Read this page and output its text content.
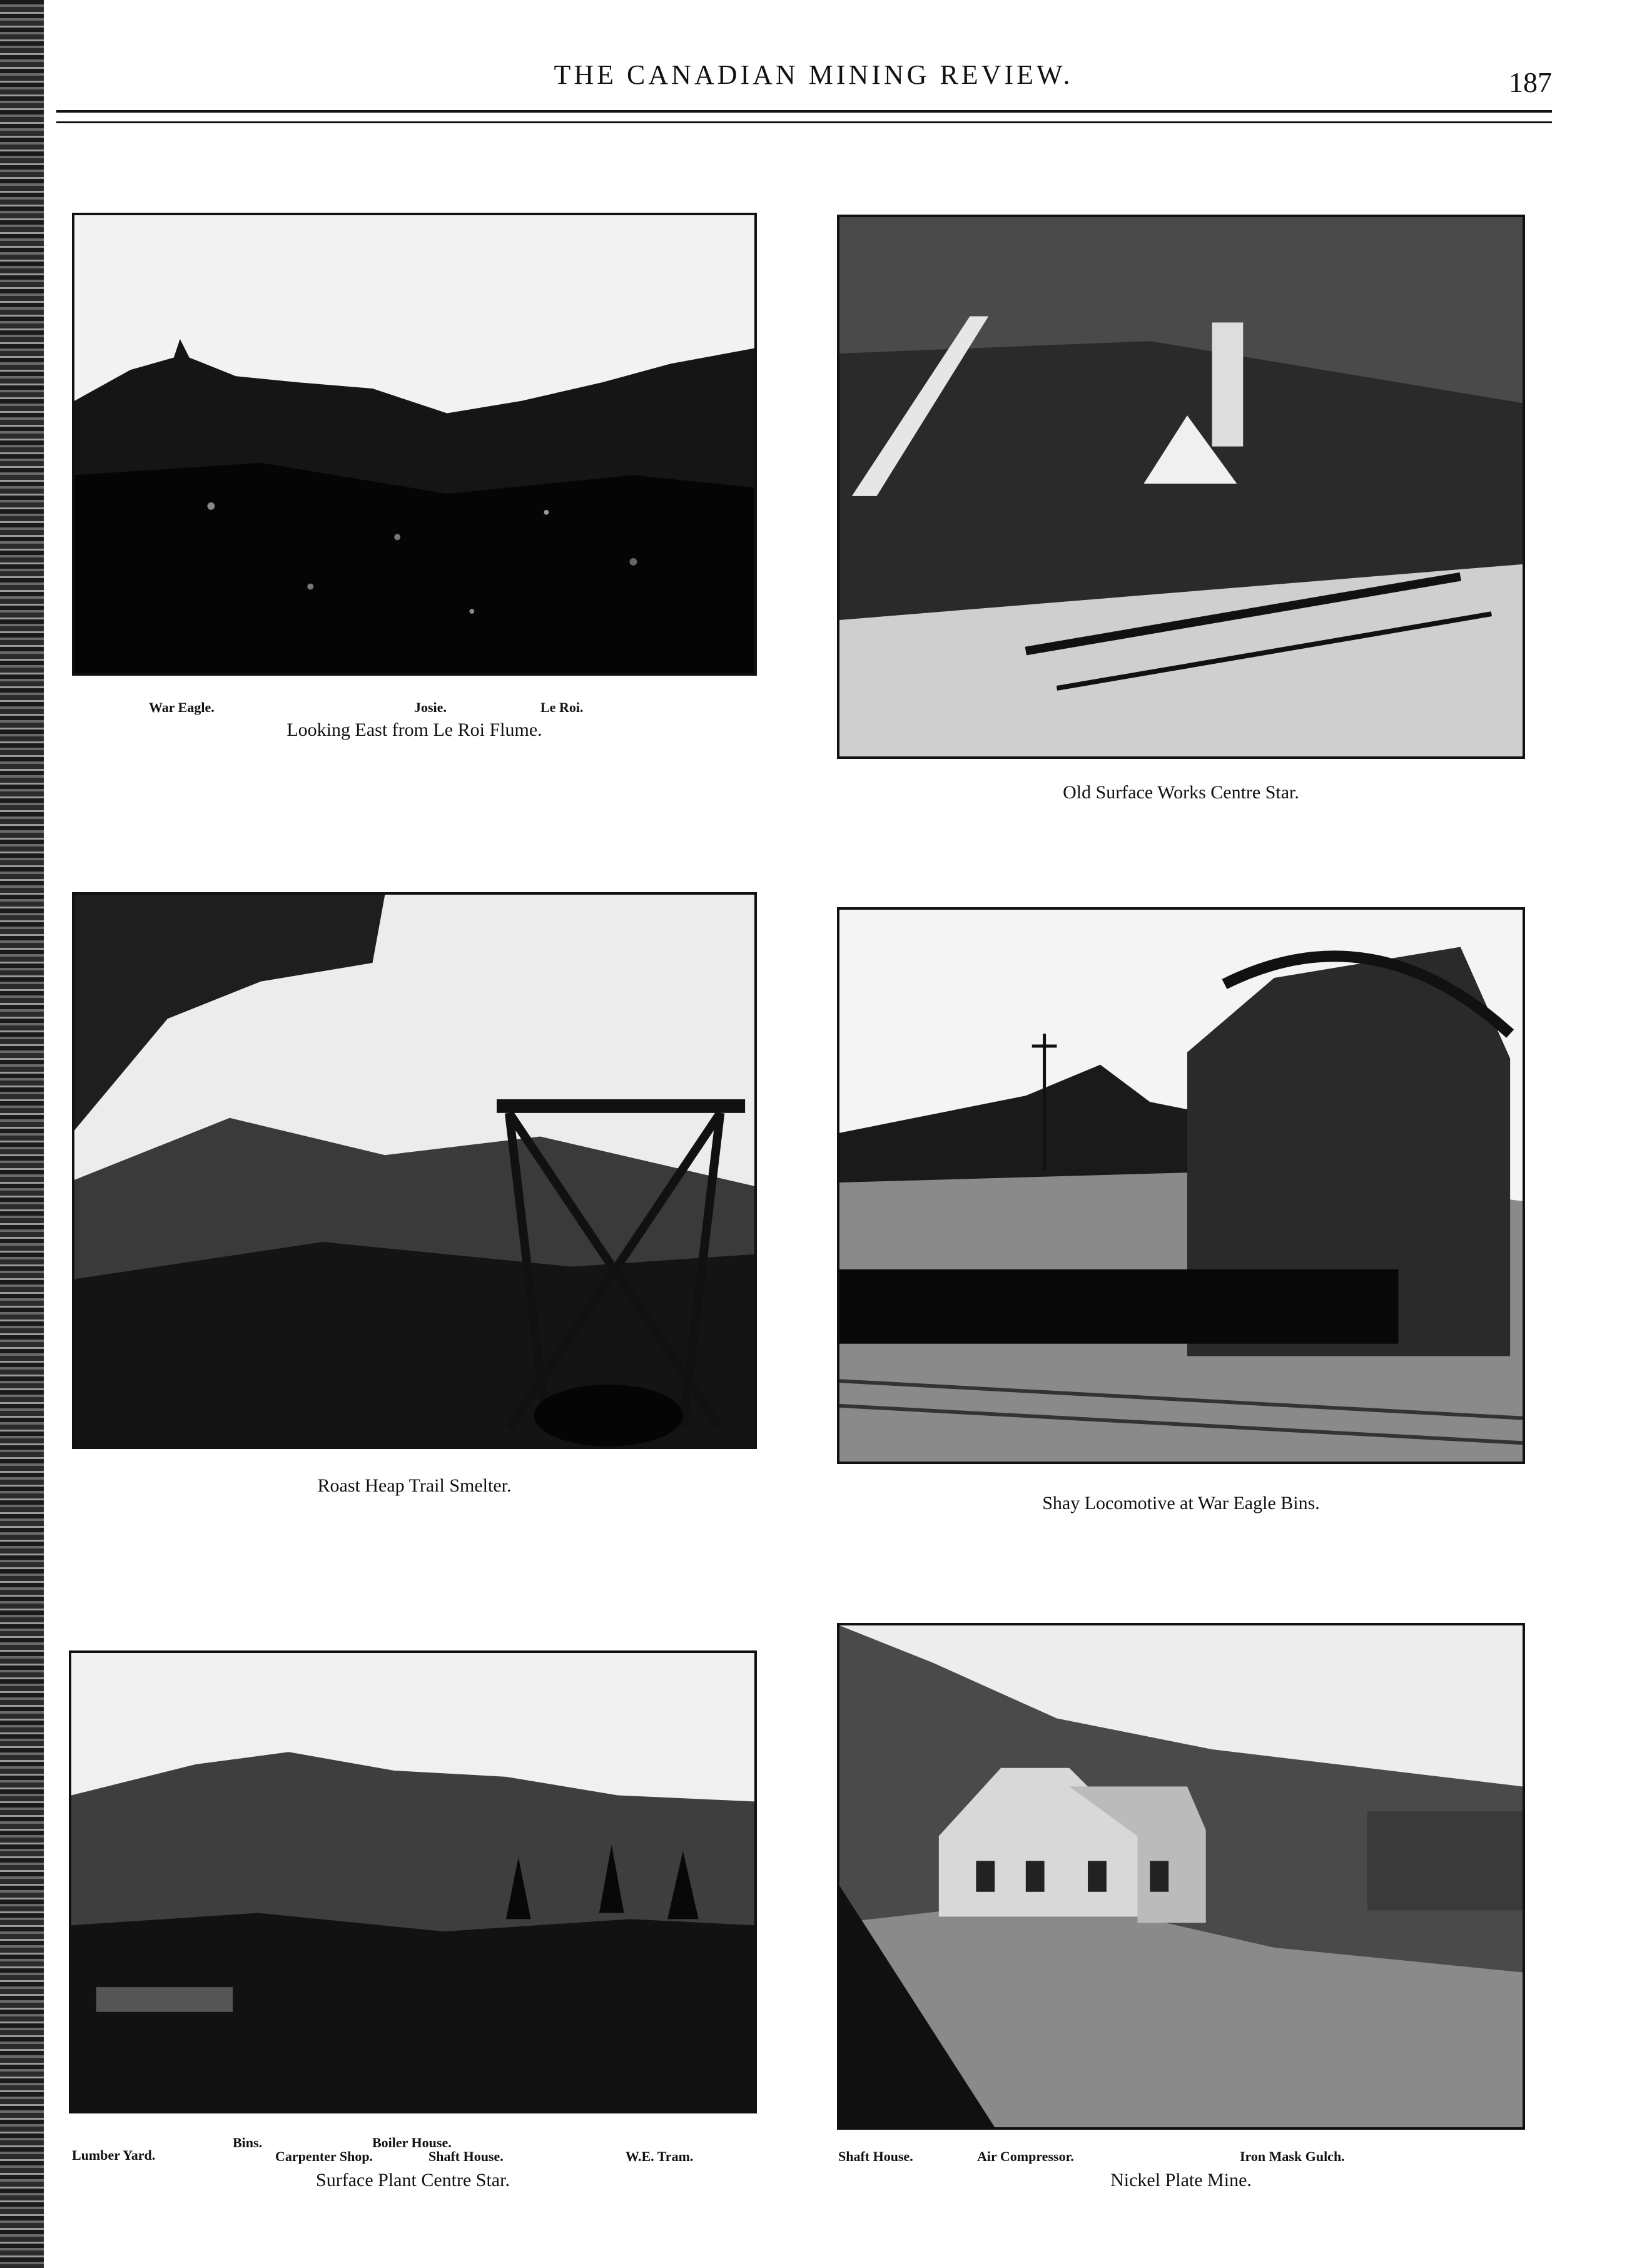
THE CANADIAN MINING REVIEW.	187
War Eagle.	Josie.	Le Roi.
Looking East from Le Roi Flume.
Old Surface Works Centre Star.
Roast Heap Trail Smelter.
Shay Locomotive at War Eagle Bins.
Lumber Yard.
Bins.
Carpenter Shop.
Boiler House.
Shaft House.	W.E. Tram.
Surface Plant Centre Star.
Shaft House.	Air Compressor.	Iron Mask Gulch.
Nickel Plate Mine.
